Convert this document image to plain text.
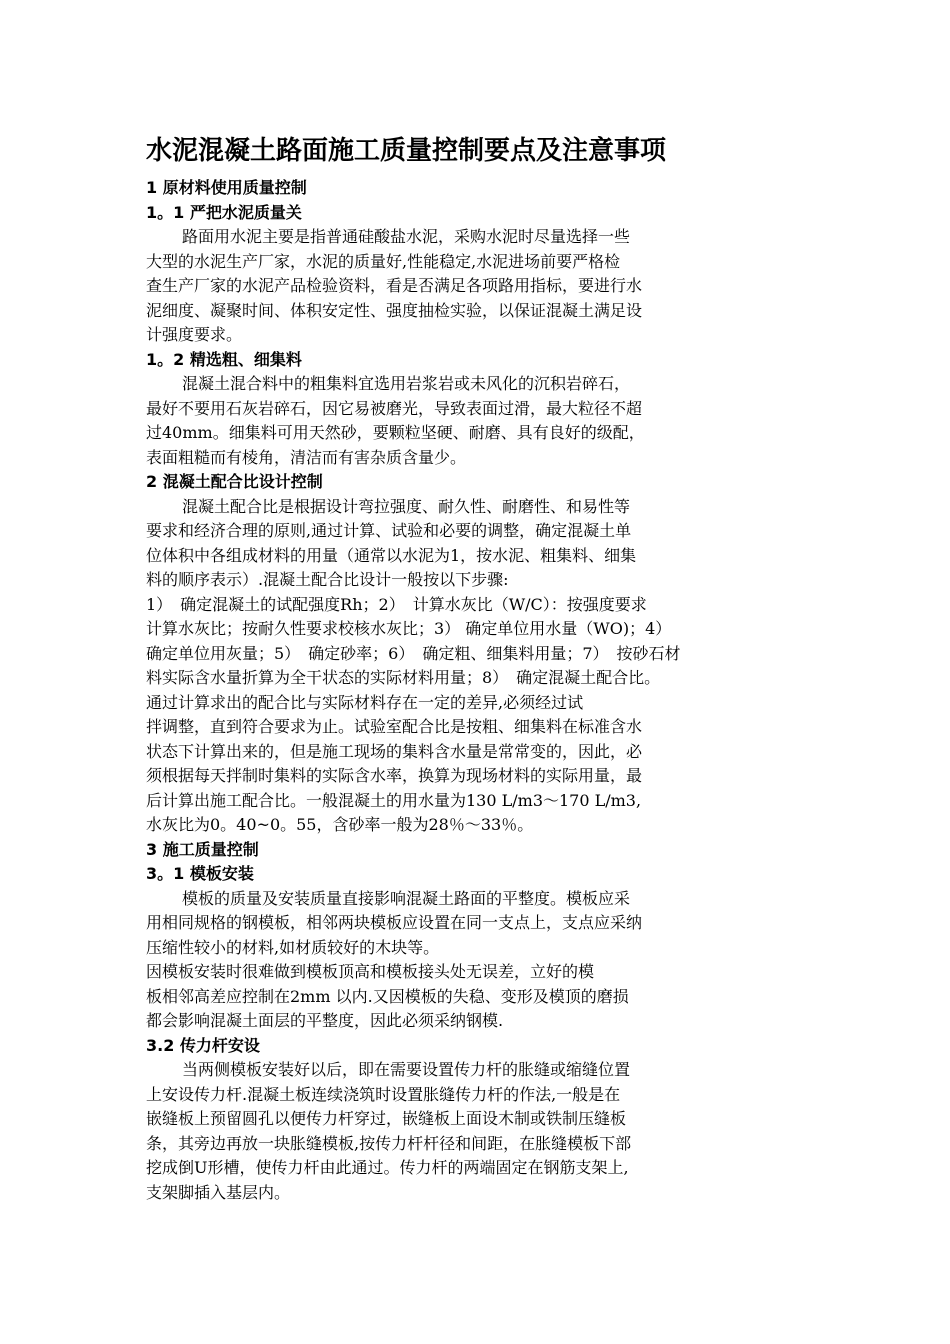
水泥混凝土路面施工质量控制要点及注意事项
1 原材料使用质量控制
1。1 严把水泥质量关
路面用水泥主要是指普通硅酸盐水泥，采购水泥时尽量选择一些
大型的水泥生产厂家，水泥的质量好,性能稳定,水泥进场前要严格检
查生产厂家的水泥产品检验资料，看是否满足各项路用指标，要进行水
泥细度、凝聚时间、体积安定性、强度抽检实验，以保证混凝土满足设
计强度要求。
1。2 精选粗、细集料
混凝土混合料中的粗集料宜选用岩浆岩或未风化的沉积岩碎石，
最好不要用石灰岩碎石，因它易被磨光，导致表面过滑，最大粒径不超
过40mm。细集料可用天然砂，要颗粒坚硬、耐磨、具有良好的级配，
表面粗糙而有棱角，清洁而有害杂质含量少。
2 混凝土配合比设计控制
混凝土配合比是根据设计弯拉强度、耐久性、耐磨性、和易性等
要求和经济合理的原则,通过计算、试验和必要的调整，确定混凝土单
位体积中各组成材料的用量（通常以水泥为1，按水泥、粗集料、细集
料的顺序表示）.混凝土配合比设计一般按以下步骤:
1）　确定混凝土的试配强度Rh；2）　计算水灰比（W/C）：按强度要求
计算水灰比；按耐久性要求校核水灰比；3） 确定单位用水量（WO)；4）
确定单位用灰量；5）　确定砂率；6）　确定粗、细集料用量；7）　按砂石材
料实际含水量折算为全干状态的实际材料用量；8）　确定混凝土配合比。
通过计算求出的配合比与实际材料存在一定的差异,必须经过试
拌调整，直到符合要求为止。试验室配合比是按粗、细集料在标准含水
状态下计算出来的，但是施工现场的集料含水量是常常变的，因此，必
须根据每天拌制时集料的实际含水率，换算为现场材料的实际用量，最
后计算出施工配合比。一般混凝土的用水量为130 L/m3～170 L/m3,
水灰比为0。40~0。55，含砂率一般为28％～33％。
3 施工质量控制
3。1 模板安装
模板的质量及安装质量直接影响混凝土路面的平整度。模板应采
用相同规格的钢模板，相邻两块模板应设置在同一支点上，支点应采纳
压缩性较小的材料,如材质较好的木块等。
因模板安装时很难做到模板顶高和模板接头处无误差，立好的模
板相邻高差应控制在2mm 以内.又因模板的失稳、变形及模顶的磨损
都会影响混凝土面层的平整度，因此必须采纳钢模.
3.2 传力杆安设
当两侧模板安装好以后，即在需要设置传力杆的胀缝或缩缝位置
上安设传力杆.混凝土板连续浇筑时设置胀缝传力杆的作法,一般是在
嵌缝板上预留圆孔以便传力杆穿过，嵌缝板上面设木制或铁制压缝板
条，其旁边再放一块胀缝模板,按传力杆杆径和间距，在胀缝模板下部
挖成倒U形槽，使传力杆由此通过。传力杆的两端固定在钢筋支架上,
支架脚插入基层内。
